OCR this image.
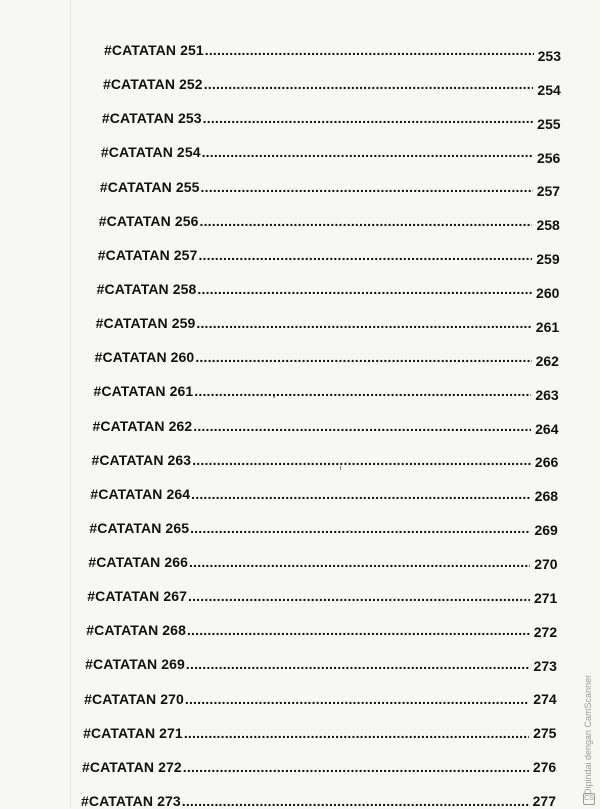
#CATATAN 251 .....	253
#CATATAN 252 .....	254
#CATATAN 253 .....	255
#CATATAN 254 .....	256
#CATATAN 255 .....	257
#CATATAN 256 .....	258
#CATATAN 257 .....	259
#CATATAN 258 .....	260
#CATATAN 259 .....	261
#CATATAN 260 .....	262
#CATATAN 261 .....	263
#CATATAN 262 .....	264
#CATATAN 263 .....	266
#CATATAN 264 .....	268
#CATATAN 265 .....	269
#CATATAN 266 .....	270
#CATATAN 267 .....	271
#CATATAN 268 .....	272
#CATATAN 269 .....	273
#CATATAN 270 .....	274
#CATATAN 271 .....	275
#CATATAN 272 .....	276
#CATATAN 273 .....	277
Dipindai dengan CamScanner
CS
